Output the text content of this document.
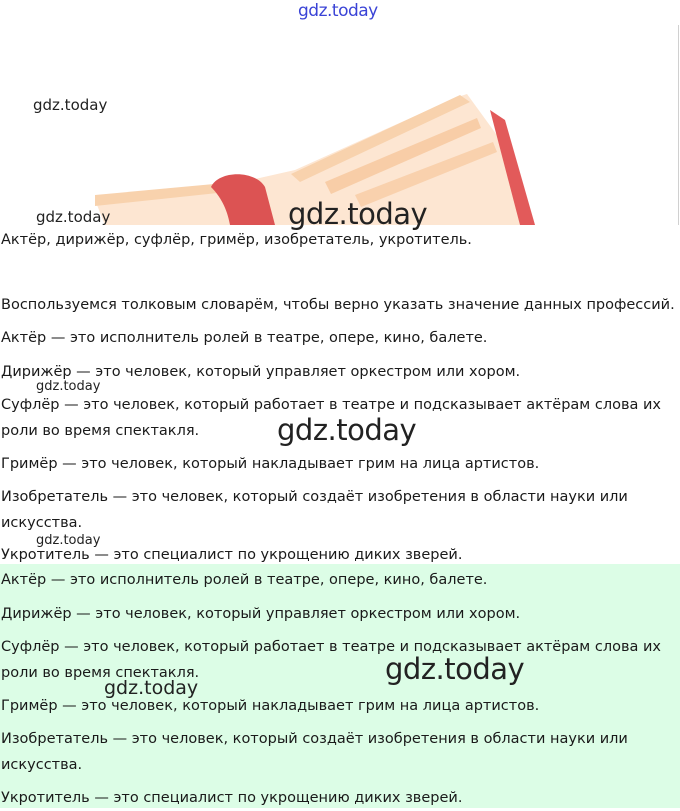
gdz.today
gdz.today
gdz.today	gdz.today

Актёр, дирижёр, суфлёр, гримёр, изобретатель, укротитель.

Воспользуемся толковым словарём, чтобы верно указать значение данных профессий.

Актёр — это исполнитель ролей в театре, опере, кино, балете.

Дирижёр — это человек, который управляет оркестром или хором.

Суфлёр — это человек, который работает в театре и подсказывает актёрам слова их роли во время спектакля.

Гримёр — это человек, который накладывает грим на лица артистов.

Изобретатель — это человек, который создаёт изобретения в области науки или искусства.

Укротитель — это специалист по укрощению диких зверей.

gdz.today
gdz.today
gdz.today

Актёр — это исполнитель ролей в театре, опере, кино, балете.

Дирижёр — это человек, который управляет оркестром или хором.

Суфлёр — это человек, который работает в театре и подсказывает актёрам слова их роли во время спектакля.

Гримёр — это человек, который накладывает грим на лица артистов.

Изобретатель — это человек, который создаёт изобретения в области науки или искусства.

Укротитель — это специалист по укрощению диких зверей.

gdz.today
gdz.today
